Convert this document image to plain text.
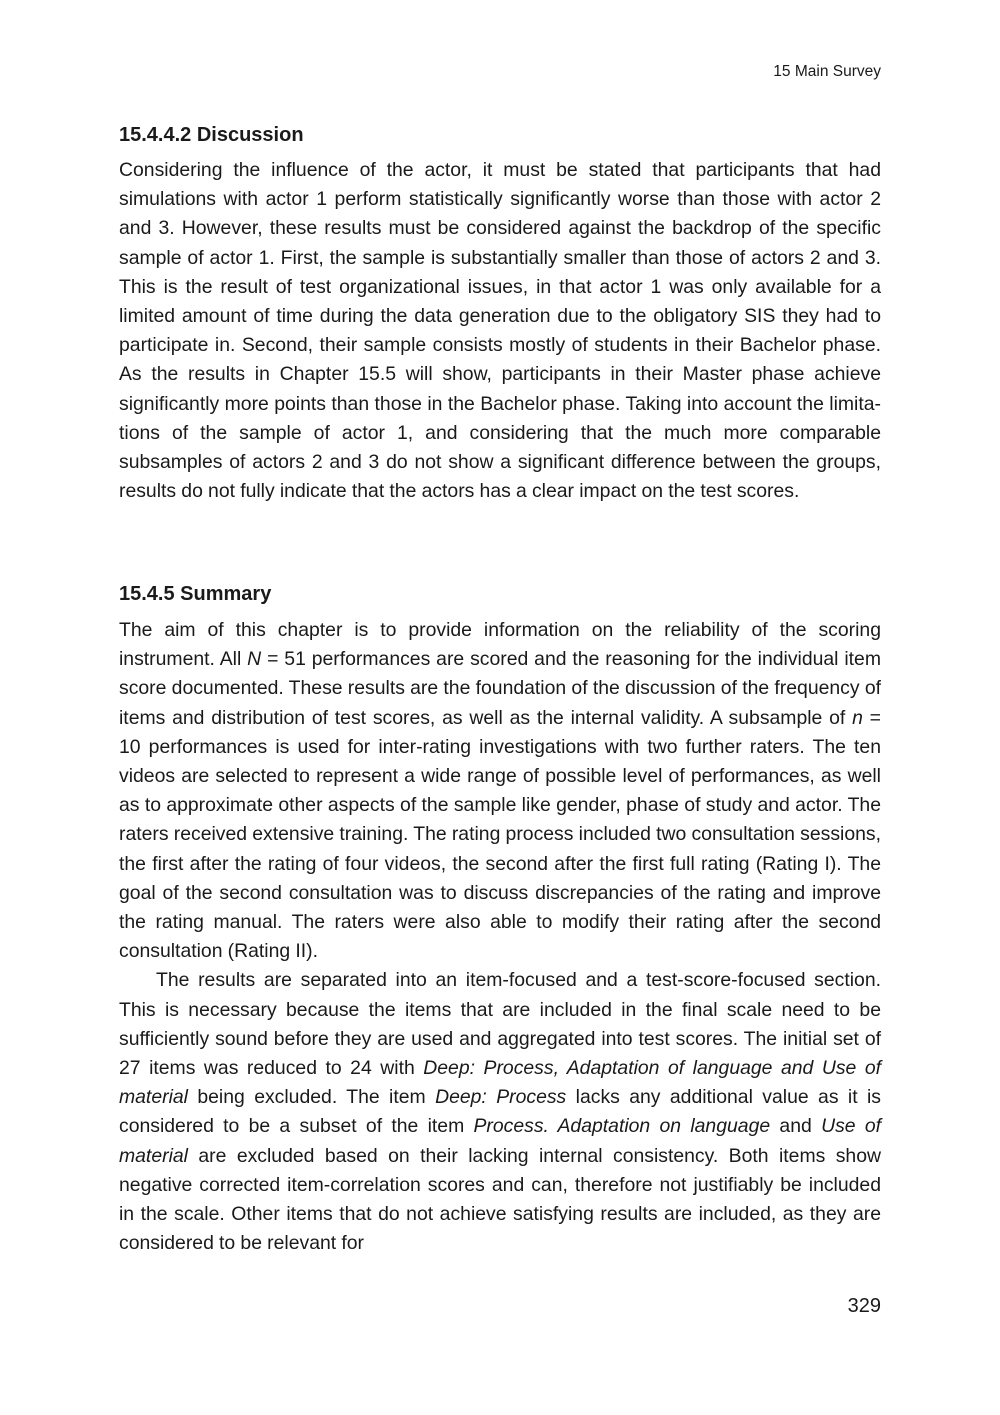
15 Main Survey
15.4.4.2 Discussion

Considering the influence of the actor, it must be stated that participants that had simulations with actor 1 perform statistically significantly worse than those with actor 2 and 3. However, these results must be considered against the backdrop of the specific sample of actor 1. First, the sample is substantially smaller than those of actors 2 and 3. This is the result of test organizational issues, in that actor 1 was only available for a limited amount of time during the data generation due to the obligatory SIS they had to participate in. Second, their sample consists mostly of students in their Bachelor phase. As the results in Chapter 15.5 will show, participants in their Master phase achieve significantly more points than those in the Bachelor phase. Taking into account the limitations of the sample of actor 1, and considering that the much more comparable subsamples of actors 2 and 3 do not show a significant difference between the groups, results do not fully indicate that the actors has a clear impact on the test scores.

15.4.5 Summary

The aim of this chapter is to provide information on the reliability of the scoring instrument. All N = 51 performances are scored and the reasoning for the individual item score documented. These results are the foundation of the discussion of the frequency of items and distribution of test scores, as well as the internal validity. A subsample of n = 10 performances is used for inter-rating investigations with two further raters. The ten videos are selected to represent a wide range of possible level of performances, as well as to approximate other aspects of the sample like gender, phase of study and actor. The raters received extensive training. The rating process included two consultation sessions, the first after the rating of four videos, the second after the first full rating (Rating I). The goal of the second consultation was to discuss discrepancies of the rating and improve the rating manual. The raters were also able to modify their rating after the second consultation (Rating II).

The results are separated into an item-focused and a test-score-focused section. This is necessary because the items that are included in the final scale need to be sufficiently sound before they are used and aggregated into test scores. The initial set of 27 items was reduced to 24 with Deep: Process, Adaptation of language and Use of material being excluded. The item Deep: Process lacks any additional value as it is considered to be a subset of the item Process. Adaptation on language and Use of material are excluded based on their lacking internal consistency. Both items show negative corrected item-correlation scores and can, therefore not justifiably be included in the scale. Other items that do not achieve satisfying results are included, as they are considered to be relevant for

329
